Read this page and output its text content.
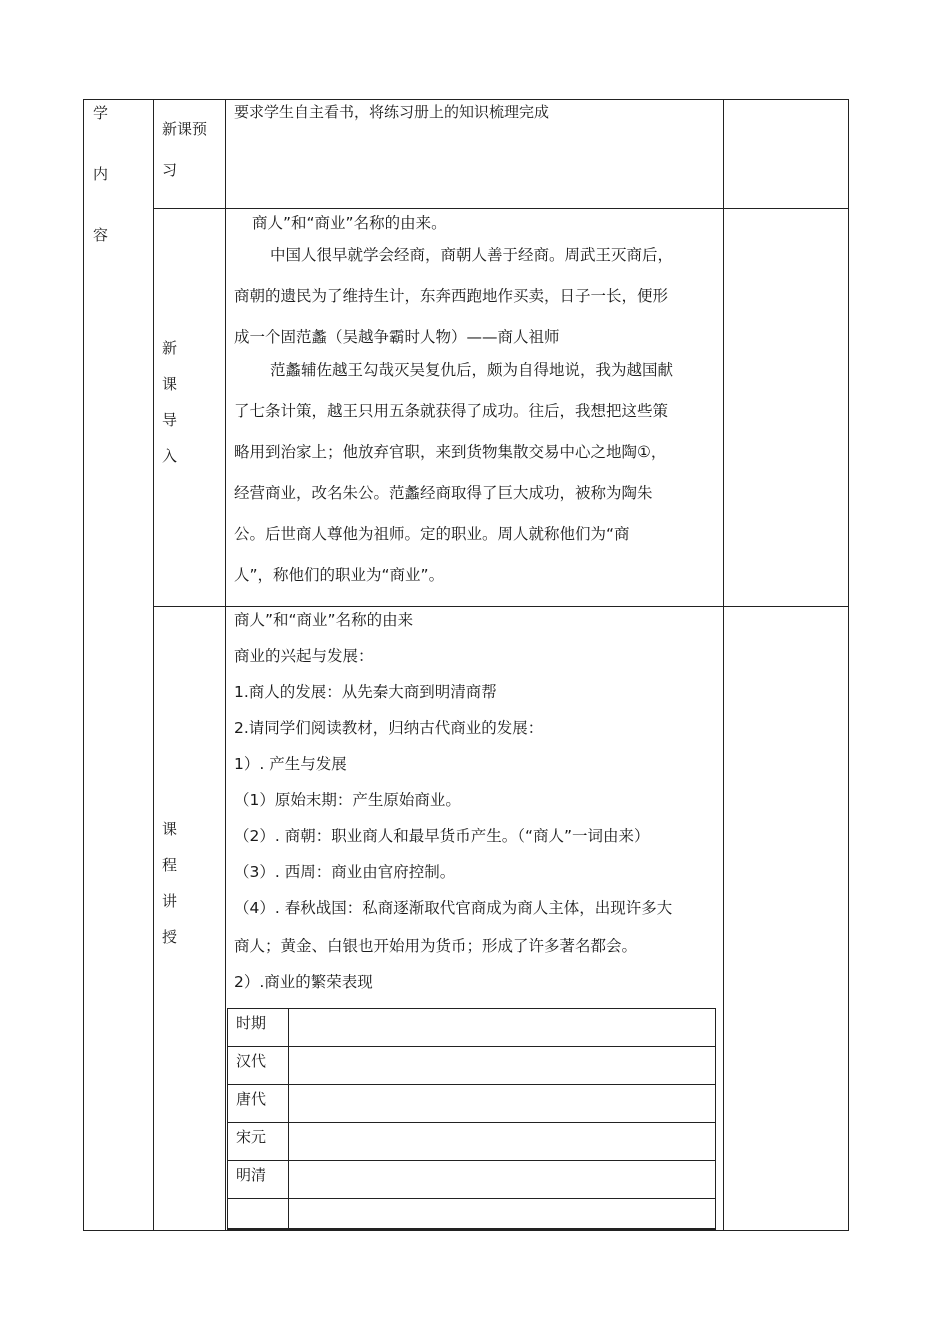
学
内
容
新课预
习
要求学生自主看书，将练习册上的知识梳理完成
新
课
导
入
商人”和“商业”名称的由来。
中国人很早就学会经商，商朝人善于经商。周武王灭商后，
商朝的遗民为了维持生计，东奔西跑地作买卖，日子一长，便形
成一个固范蠡（吴越争霸时人物）——商人祖师
范蠡辅佐越王勾哉灭吴复仇后，颇为自得地说，我为越国献
了七条计策，越王只用五条就获得了成功。往后，我想把这些策
略用到治家上；他放弃官职，来到货物集散交易中心之地陶①，
经营商业，改名朱公。范蠡经商取得了巨大成功，被称为陶朱
公。后世商人尊他为祖师。定的职业。周人就称他们为“商
人”，称他们的职业为“商业”。
课
程
讲
授
商人”和“商业”名称的由来
商业的兴起与发展：
1.商人的发展：从先秦大商到明清商帮
2.请同学们阅读教材，归纳古代商业的发展：
1）. 产生与发展
（1）原始末期：产生原始商业。
（2）. 商朝：职业商人和最早货币产生。（“商人”一词由来）
（3）. 西周：商业由官府控制。
（4）. 春秋战国：私商逐渐取代官商成为商人主体，出现许多大
商人；黄金、白银也开始用为货币；形成了许多著名都会。
2）.商业的繁荣表现
时期
汉代
唐代
宋元
明清
